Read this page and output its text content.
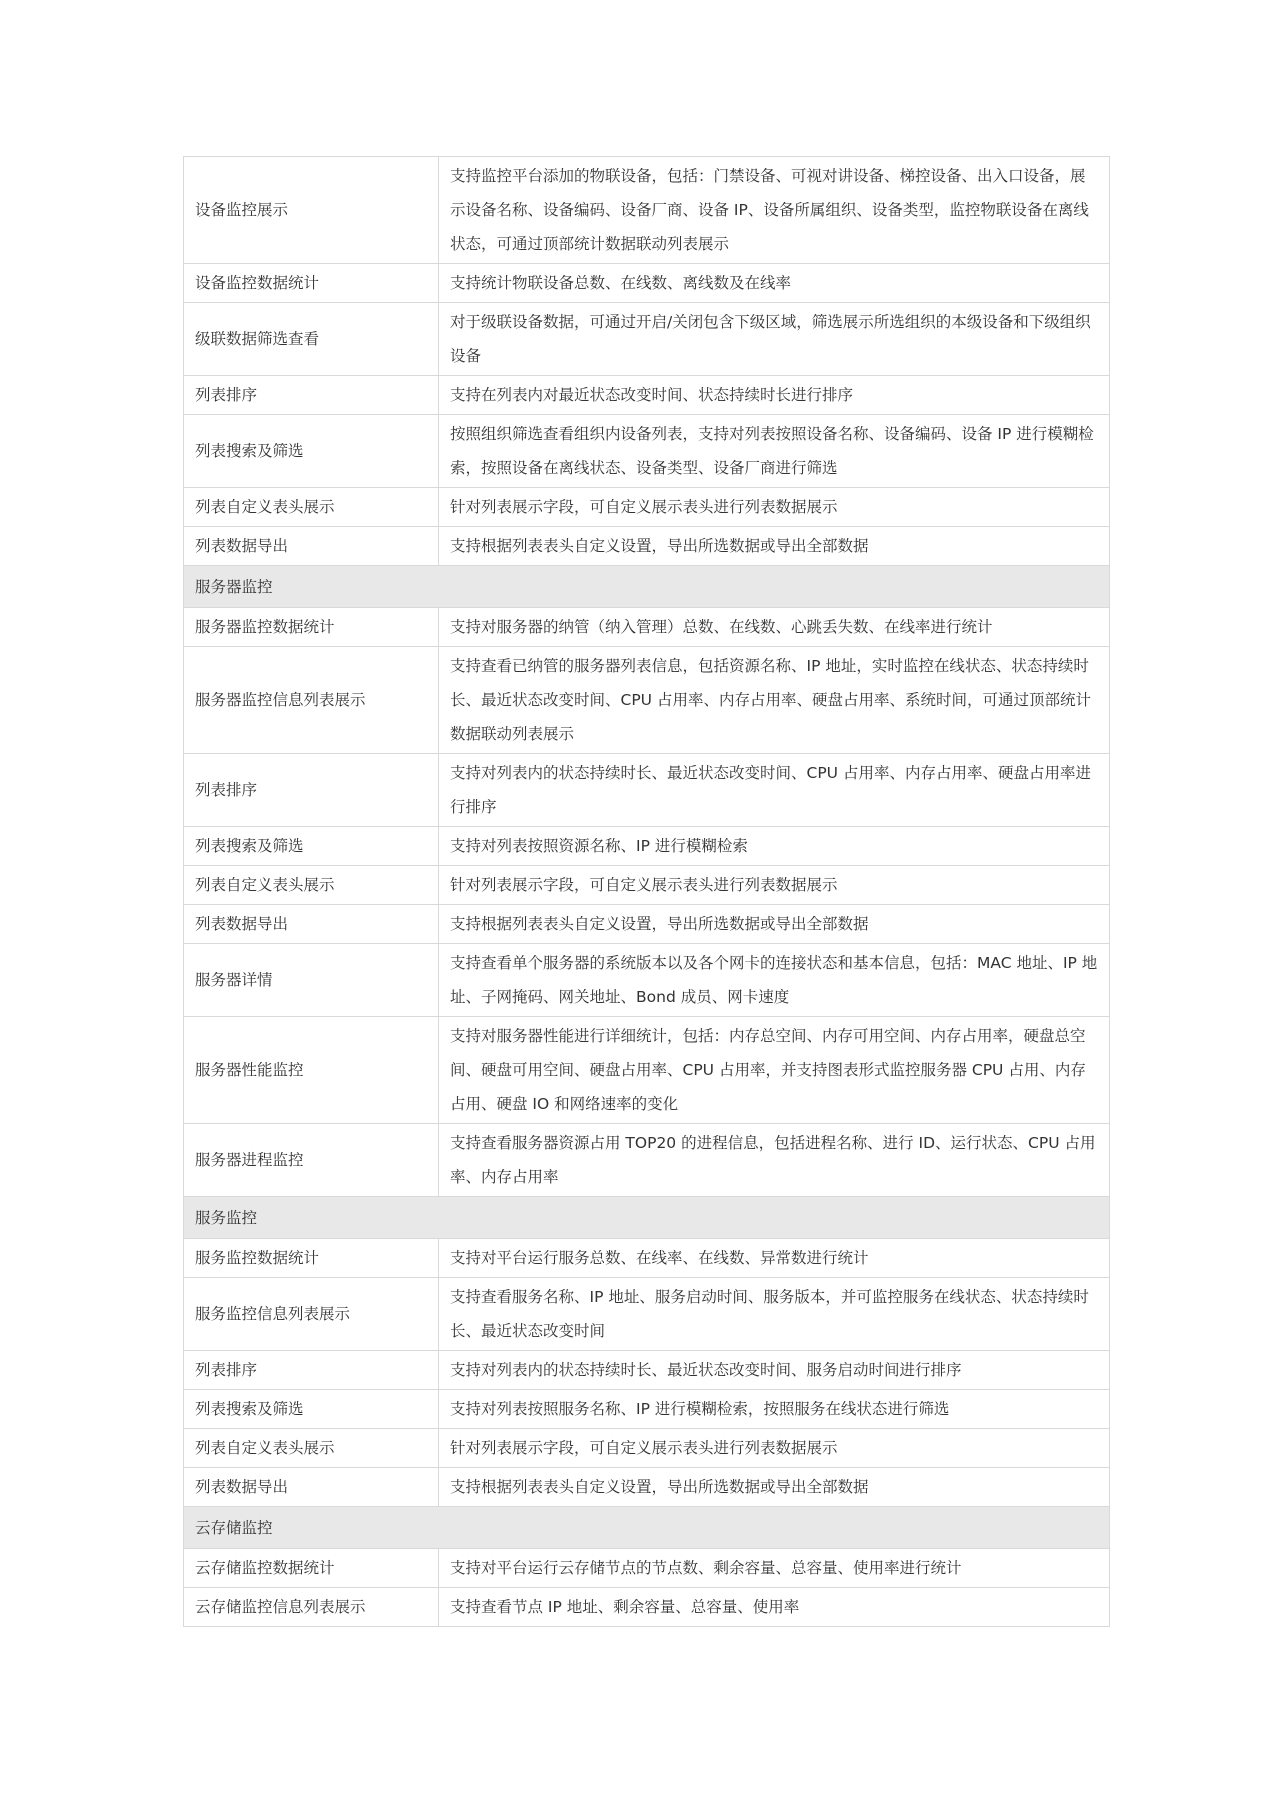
设备监控展示	支持监控平台添加的物联设备，包括：门禁设备、可视对讲设备、梯控设备、出入口设备，展示设备名称、设备编码、设备厂商、设备 IP、设备所属组织、设备类型，监控物联设备在离线状态，可通过顶部统计数据联动列表展示
设备监控数据统计	支持统计物联设备总数、在线数、离线数及在线率
级联数据筛选查看	对于级联设备数据，可通过开启/关闭包含下级区域，筛选展示所选组织的本级设备和下级组织设备
列表排序	支持在列表内对最近状态改变时间、状态持续时长进行排序
列表搜索及筛选	按照组织筛选查看组织内设备列表，支持对列表按照设备名称、设备编码、设备 IP 进行模糊检索，按照设备在离线状态、设备类型、设备厂商进行筛选
列表自定义表头展示	针对列表展示字段，可自定义展示表头进行列表数据展示
列表数据导出	支持根据列表表头自定义设置，导出所选数据或导出全部数据
服务器监控	
服务器监控数据统计	支持对服务器的纳管（纳入管理）总数、在线数、心跳丢失数、在线率进行统计
服务器监控信息列表展示	支持查看已纳管的服务器列表信息，包括资源名称、IP 地址，实时监控在线状态、状态持续时长、最近状态改变时间、CPU 占用率、内存占用率、硬盘占用率、系统时间，可通过顶部统计数据联动列表展示
列表排序	支持对列表内的状态持续时长、最近状态改变时间、CPU 占用率、内存占用率、硬盘占用率进行排序
列表搜索及筛选	支持对列表按照资源名称、IP 进行模糊检索
列表自定义表头展示	针对列表展示字段，可自定义展示表头进行列表数据展示
列表数据导出	支持根据列表表头自定义设置，导出所选数据或导出全部数据
服务器详情	支持查看单个服务器的系统版本以及各个网卡的连接状态和基本信息，包括：MAC 地址、IP 地址、子网掩码、网关地址、Bond 成员、网卡速度
服务器性能监控	支持对服务器性能进行详细统计，包括：内存总空间、内存可用空间、内存占用率，硬盘总空间、硬盘可用空间、硬盘占用率、CPU 占用率，并支持图表形式监控服务器 CPU 占用、内存占用、硬盘 IO 和网络速率的变化
服务器进程监控	支持查看服务器资源占用 TOP20 的进程信息，包括进程名称、进行 ID、运行状态、CPU 占用率、内存占用率
服务监控	
服务监控数据统计	支持对平台运行服务总数、在线率、在线数、异常数进行统计
服务监控信息列表展示	支持查看服务名称、IP 地址、服务启动时间、服务版本，并可监控服务在线状态、状态持续时长、最近状态改变时间
列表排序	支持对列表内的状态持续时长、最近状态改变时间、服务启动时间进行排序
列表搜索及筛选	支持对列表按照服务名称、IP 进行模糊检索，按照服务在线状态进行筛选
列表自定义表头展示	针对列表展示字段，可自定义展示表头进行列表数据展示
列表数据导出	支持根据列表表头自定义设置，导出所选数据或导出全部数据
云存储监控	
云存储监控数据统计	支持对平台运行云存储节点的节点数、剩余容量、总容量、使用率进行统计
云存储监控信息列表展示	支持查看节点 IP 地址、剩余容量、总容量、使用率
